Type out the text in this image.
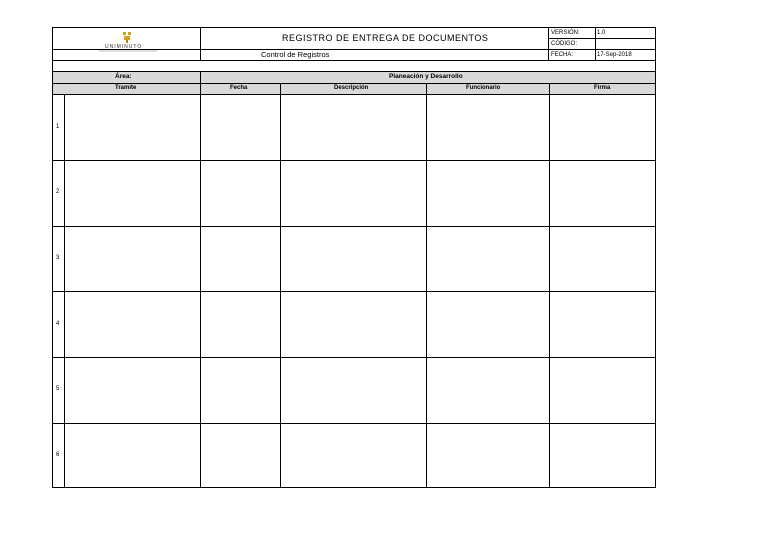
UNIMINUTO
REGISTRO DE ENTREGA DE DOCUMENTOS
Control de Registros
VERSIÓN:	1.0
CÓDIGO:
FECHA:	17-Sep-2018
Área:	Planeación y Desarrollo
Tramite	Fecha	Descripción	Funcionario	Firma
1
2
3
4
5
6
